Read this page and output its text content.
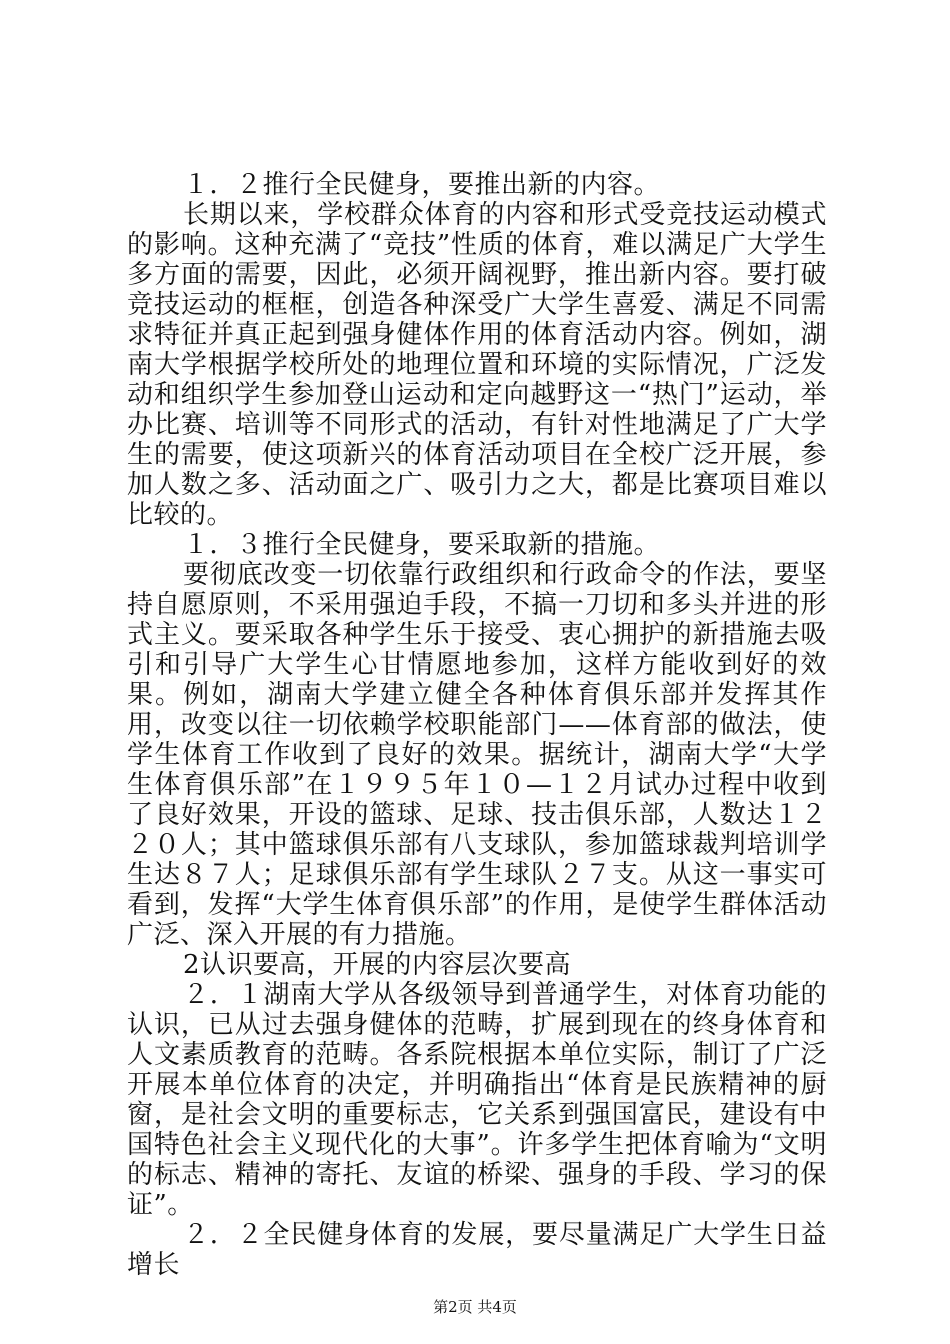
１．２推行全民健身，要推出新的内容。

长期以来，学校群众体育的内容和形式受竞技运动模式的影响。这种充满了“竞技”性质的体育，难以满足广大学生多方面的需要，因此，必须开阔视野，推出新内容。要打破竞技运动的框框，创造各种深受广大学生喜爱、满足不同需求特征并真正起到强身健体作用的体育活动内容。例如，湖南大学根据学校所处的地理位置和环境的实际情况，广泛发动和组织学生参加登山运动和定向越野这一“热门”运动，举办比赛、培训等不同形式的活动，有针对性地满足了广大学生的需要，使这项新兴的体育活动项目在全校广泛开展，参加人数之多、活动面之广、吸引力之大，都是比赛项目难以比较的。

１．３推行全民健身，要采取新的措施。

要彻底改变一切依靠行政组织和行政命令的作法，要坚持自愿原则，不采用强迫手段，不搞一刀切和多头并进的形式主义。要采取各种学生乐于接受、衷心拥护的新措施去吸引和引导广大学生心甘情愿地参加，这样方能收到好的效果。例如，湖南大学建立健全各种体育俱乐部并发挥其作用，改变以往一切依赖学校职能部门——体育部的做法，使学生体育工作收到了良好的效果。据统计，湖南大学“大学生体育俱乐部”在１９９５年１０—１２月试办过程中收到了良好效果，开设的篮球、足球、技击俱乐部，人数达１２２０人；其中篮球俱乐部有八支球队，参加篮球裁判培训学生达８７人；足球俱乐部有学生球队２７支。从这一事实可看到，发挥“大学生体育俱乐部”的作用，是使学生群体活动广泛、深入开展的有力措施。

2认识要高，开展的内容层次要高

２．１湖南大学从各级领导到普通学生，对体育功能的认识，已从过去强身健体的范畴，扩展到现在的终身体育和人文素质教育的范畴。各系院根据本单位实际，制订了广泛开展本单位体育的决定，并明确指出“体育是民族精神的厨窗，是社会文明的重要标志，它关系到强国富民，建设有中国特色社会主义现代化的大事”。许多学生把体育喻为“文明的标志、精神的寄托、友谊的桥梁、强身的手段、学习的保证”。

２．２全民健身体育的发展，要尽量满足广大学生日益增长

第2页 共4页
